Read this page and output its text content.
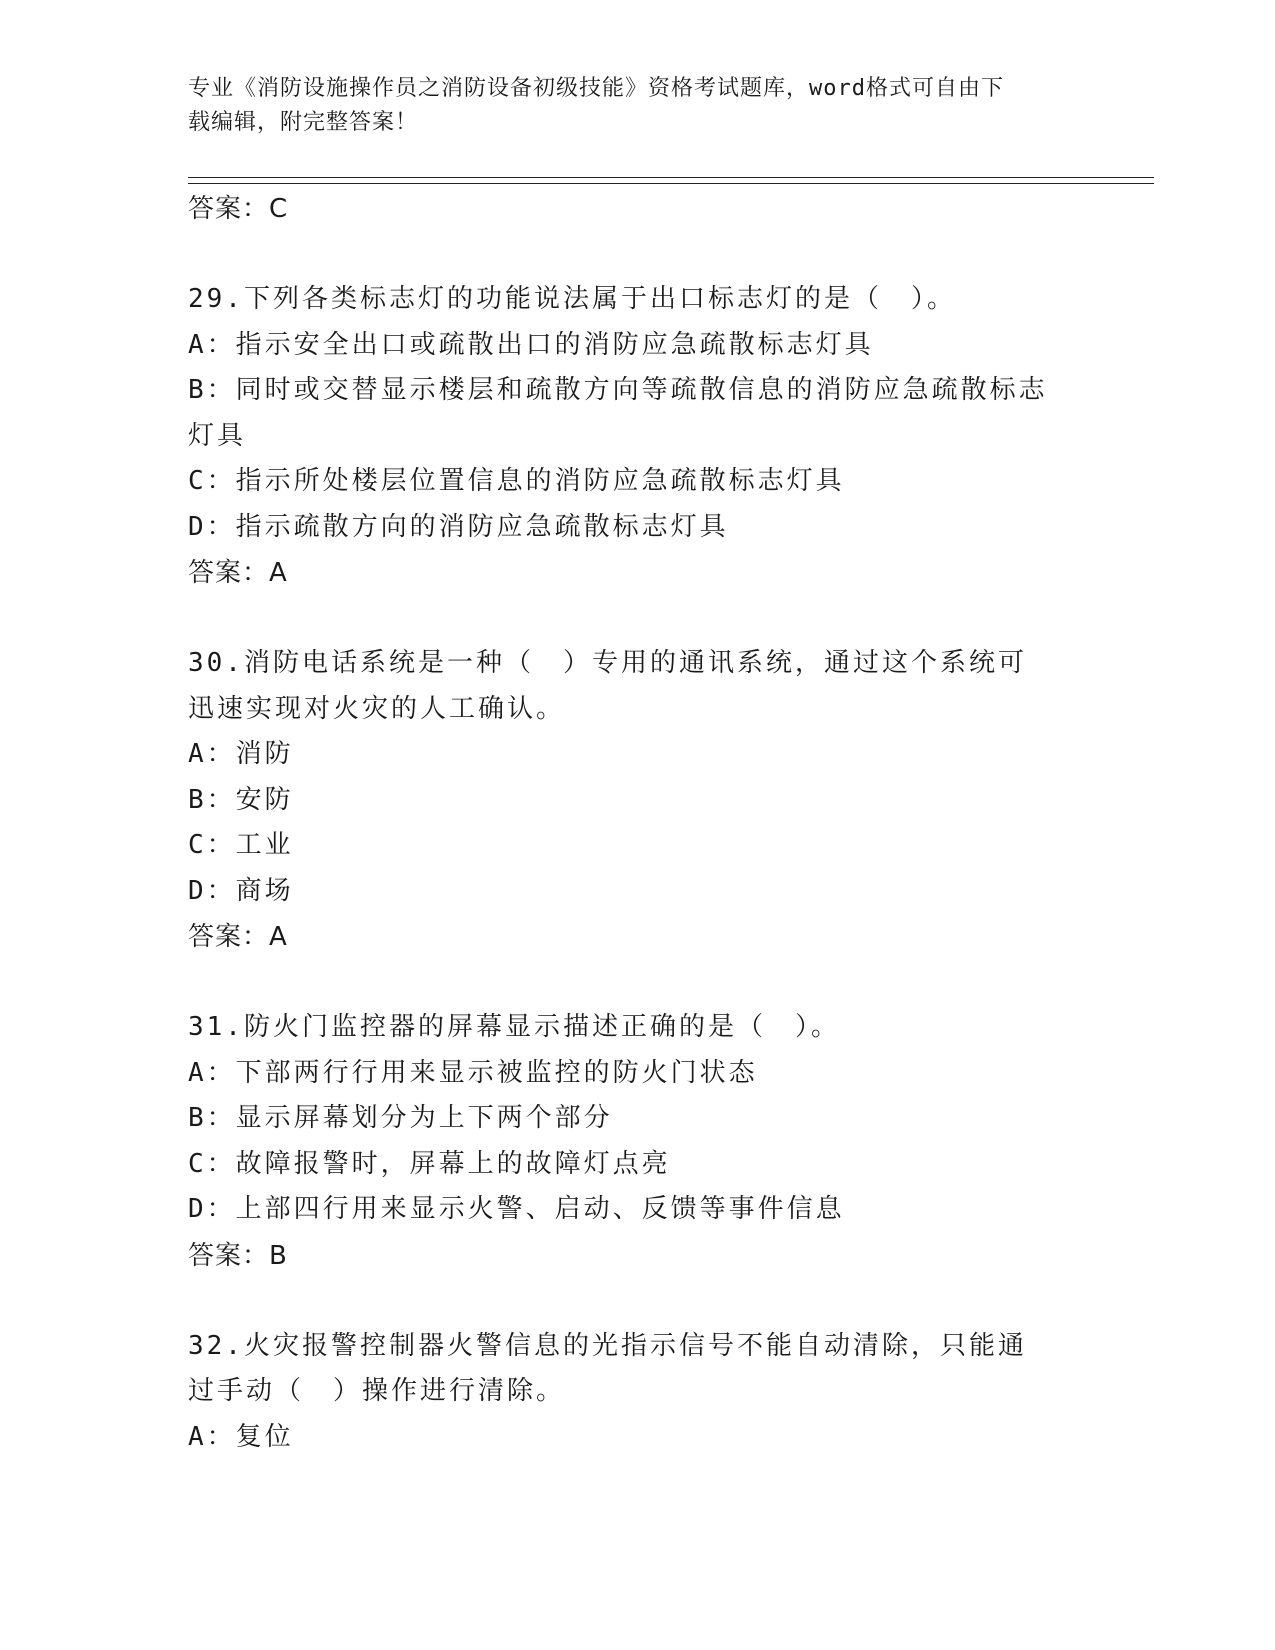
专业《消防设施操作员之消防设备初级技能》资格考试题库，word格式可自由下
载编辑，附完整答案！
答案：C
29.下列各类标志灯的功能说法属于出口标志灯的是（　）。
A：指示安全出口或疏散出口的消防应急疏散标志灯具
B：同时或交替显示楼层和疏散方向等疏散信息的消防应急疏散标志灯具
C：指示所处楼层位置信息的消防应急疏散标志灯具
D：指示疏散方向的消防应急疏散标志灯具
答案：A
30.消防电话系统是一种（　）专用的通讯系统，通过这个系统可迅速实现对火灾的人工确认。
A：消防
B：安防
C：工业
D：商场
答案：A
31.防火门监控器的屏幕显示描述正确的是（　）。
A：下部两行行用来显示被监控的防火门状态
B：显示屏幕划分为上下两个部分
C：故障报警时，屏幕上的故障灯点亮
D：上部四行用来显示火警、启动、反馈等事件信息
答案：B
32.火灾报警控制器火警信息的光指示信号不能自动清除，只能通过手动（　）操作进行清除。
A：复位
